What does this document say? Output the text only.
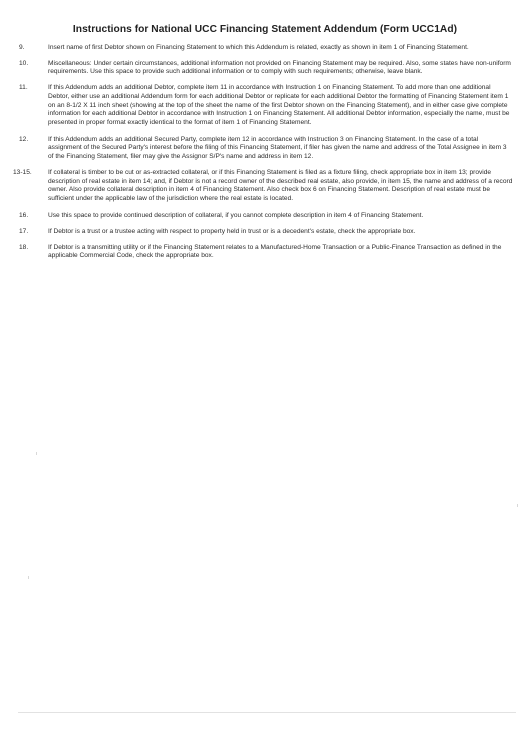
Instructions for National UCC Financing Statement Addendum (Form UCC1Ad)
9.	Insert name of first Debtor shown on Financing Statement to which this Addendum is related, exactly as shown in item 1 of Financing Statement.
10.	Miscellaneous: Under certain circumstances, additional information not provided on Financing Statement may be required. Also, some states have non-uniform requirements. Use this space to provide such additional information or to comply with such requirements; otherwise, leave blank.
11.	If this Addendum adds an additional Debtor, complete item 11 in accordance with Instruction 1 on Financing Statement. To add more than one additional Debtor, either use an additional Addendum form for each additional Debtor or replicate for each additional Debtor the formatting of Financing Statement item 1 on an 8-1/2 X 11 inch sheet (showing at the top of the sheet the name of the first Debtor shown on the Financing Statement), and in either case give complete information for each additional Debtor in accordance with Instruction 1 on Financing Statement. All additional Debtor information, especially the name, must be presented in proper format exactly identical to the format of item 1 of Financing Statement.
12.	If this Addendum adds an additional Secured Party, complete item 12 in accordance with Instruction 3 on Financing Statement. In the case of a total assignment of the Secured Party's interest before the filing of this Financing Statement, if filer has given the name and address of the Total Assignee in item 3 of the Financing Statement, filer may give the Assignor S/P's name and address in item 12.
13-15. If collateral is timber to be cut or as-extracted collateral, or if this Financing Statement is filed as a fixture filing, check appropriate box in item 13; provide description of real estate in item 14; and, if Debtor is not a record owner of the described real estate, also provide, in item 15, the name and address of a record owner. Also provide collateral description in item 4 of Financing Statement. Also check box 6 on Financing Statement. Description of real estate must be sufficient under the applicable law of the jurisdiction where the real estate is located.
16.	Use this space to provide continued description of collateral, if you cannot complete description in item 4 of Financing Statement.
17.	If Debtor is a trust or a trustee acting with respect to property held in trust or is a decedent's estate, check the appropriate box.
18.	If Debtor is a transmitting utility or if the Financing Statement relates to a Manufactured-Home Transaction or a Public-Finance Transaction as defined in the applicable Commercial Code, check the appropriate box.
